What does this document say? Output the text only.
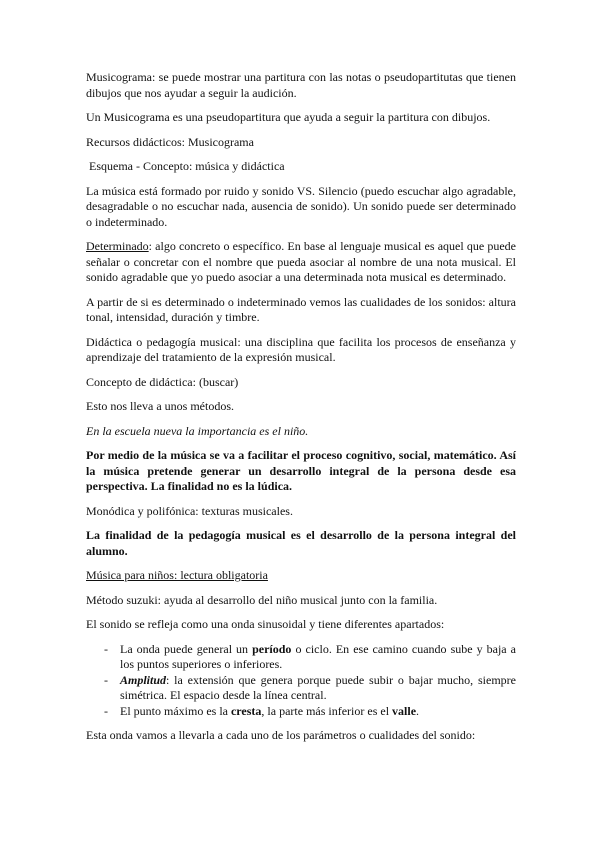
Musicograma: se puede mostrar una partitura con las notas o pseudopartitutas que tienen dibujos que nos ayudar a seguir la audición.

Un Musicograma es una pseudopartitura que ayuda a seguir la partitura con dibujos.

Recursos didácticos: Musicograma

Esquema - Concepto: música y didáctica

La música está formado por ruido y sonido VS. Silencio (puedo escuchar algo agradable, desagradable o no escuchar nada, ausencia de sonido). Un sonido puede ser determinado o indeterminado.

Determinado: algo concreto o específico. En base al lenguaje musical es aquel que puede señalar o concretar con el nombre que pueda asociar al nombre de una nota musical. El sonido agradable que yo puedo asociar a una determinada nota musical es determinado.

A partir de si es determinado o indeterminado vemos las cualidades de los sonidos: altura tonal, intensidad, duración y timbre.

Didáctica o pedagogía musical: una disciplina que facilita los procesos de enseñanza y aprendizaje del tratamiento de la expresión musical.

Concepto de didáctica: (buscar)

Esto nos lleva a unos métodos.

En la escuela nueva la importancia es el niño.

Por medio de la música se va a facilitar el proceso cognitivo, social, matemático. Así la música pretende generar un desarrollo integral de la persona desde esa perspectiva. La finalidad no es la lúdica.

Monódica y polifónica: texturas musicales.

La finalidad de la pedagogía musical es el desarrollo de la persona integral del alumno.

Música para niños: lectura obligatoria

Método suzuki: ayuda al desarrollo del niño musical junto con la familia.

El sonido se refleja como una onda sinusoidal y tiene diferentes apartados:

- La onda puede general un período o ciclo. En ese camino cuando sube y baja a los puntos superiores o inferiores.
- Amplitud: la extensión que genera porque puede subir o bajar mucho, siempre simétrica. El espacio desde la línea central.
- El punto máximo es la cresta, la parte más inferior es el valle.

Esta onda vamos a llevarla a cada uno de los parámetros o cualidades del sonido:
